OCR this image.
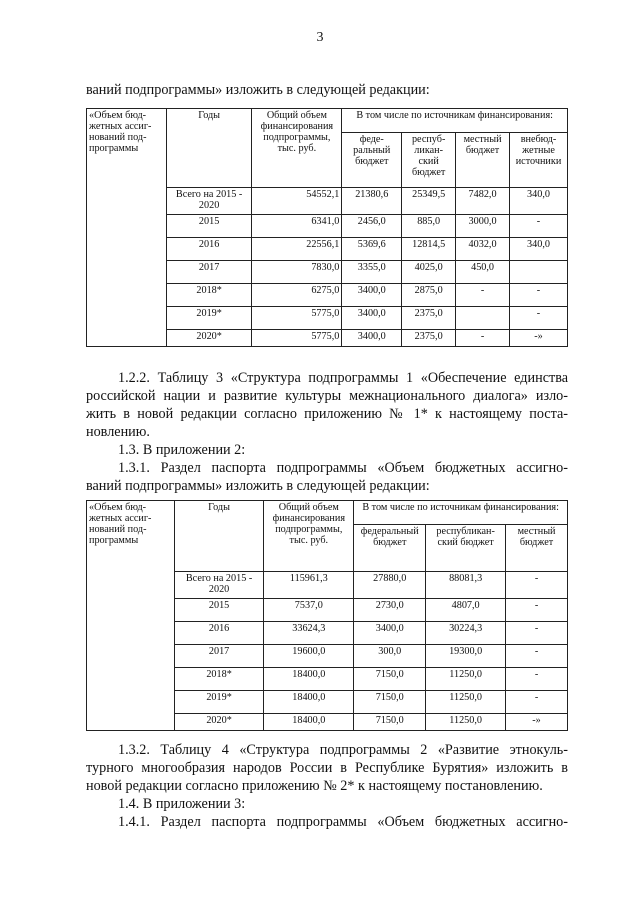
3
ваний подпрограммы» изложить в следующей редакции:
«Объем бюд-жетных ассиг-нований под-программы	Годы	Общий объем финансирования подпрограммы, тыс. руб.	В том числе по источникам финансирования:			
			феде-ральный бюджет	респуб-ликан-ский бюджет	местный бюджет	внебюд-жетные источники
	Всего на 2015 - 2020	54552,1	21380,6	25349,5	7482,0	340,0
	2015	6341,0	2456,0	885,0	3000,0	-
	2016	22556,1	5369,6	12814,5	4032,0	340,0
	2017	7830,0	3355,0	4025,0	450,0	
	2018*	6275,0	3400,0	2875,0	-	-
	2019*	5775,0	3400,0	2375,0		-
	2020*	5775,0	3400,0	2375,0	-	-»
1.2.2. Таблицу 3 «Структура подпрограммы 1 «Обеспечение единства
российской нации и развитие культуры межнационального диалога» изло-
жить в новой редакции согласно приложению № 1* к настоящему поста-
новлению.
1.3. В приложении 2:
1.3.1. Раздел паспорта подпрограммы «Объем бюджетных ассигно-
ваний подпрограммы» изложить в следующей редакции:
«Объем бюд-жетных ассиг-нований под-программы	Годы	Общий объем финансирования подпрограммы, тыс. руб.	В том числе по источникам финансирования:		
			федеральный бюджет	республикан-ский бюджет	местный бюджет
	Всего на 2015 - 2020	115961,3	27880,0	88081,3	-
	2015	7537,0	2730,0	4807,0	-
	2016	33624,3	3400,0	30224,3	-
	2017	19600,0	300,0	19300,0	-
	2018*	18400,0	7150,0	11250,0	-
	2019*	18400,0	7150,0	11250,0	-
	2020*	18400,0	7150,0	11250,0	-»
1.3.2. Таблицу 4 «Структура подпрограммы 2 «Развитие этнокуль-
турного многообразия народов России в Республике Бурятия» изложить в
новой редакции согласно приложению № 2* к настоящему постановлению.
1.4. В приложении 3:
1.4.1. Раздел паспорта подпрограммы «Объем бюджетных ассигно-
